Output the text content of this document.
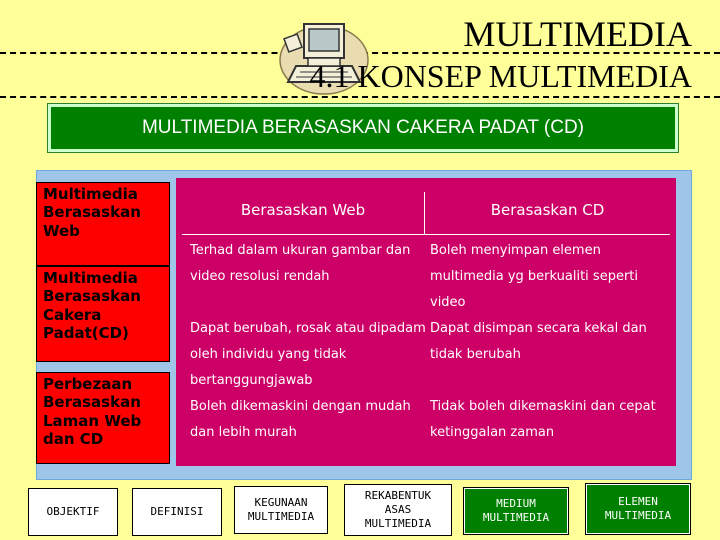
MULTIMEDIA
4.1 KONSEP MULTIMEDIA
MULTIMEDIA BERASASKAN CAKERA PADAT (CD)
Multimedia Berasaskan Web
Multimedia Berasaskan Cakera Padat(CD)
Perbezaan Berasaskan Laman Web dan CD
Berasaskan Web	Berasaskan CD
Terhad dalam ukuran gambar dan
video resolusi rendah
Dapat berubah, rosak atau dipadam
oleh individu yang tidak
bertanggungjawab
Boleh dikemaskini dengan mudah
dan lebih murah
Boleh menyimpan elemen
multimedia yg berkualiti seperti
video
Dapat disimpan secara kekal dan
tidak berubah
Tidak boleh dikemaskini dan cepat
ketinggalan zaman
OBJEKTIF	DEFINISI
KEGUNAAN MULTIMEDIA
REKABENTUK ASAS MULTIMEDIA
MEDIUM MULTIMEDIA
ELEMEN MULTIMEDIA
